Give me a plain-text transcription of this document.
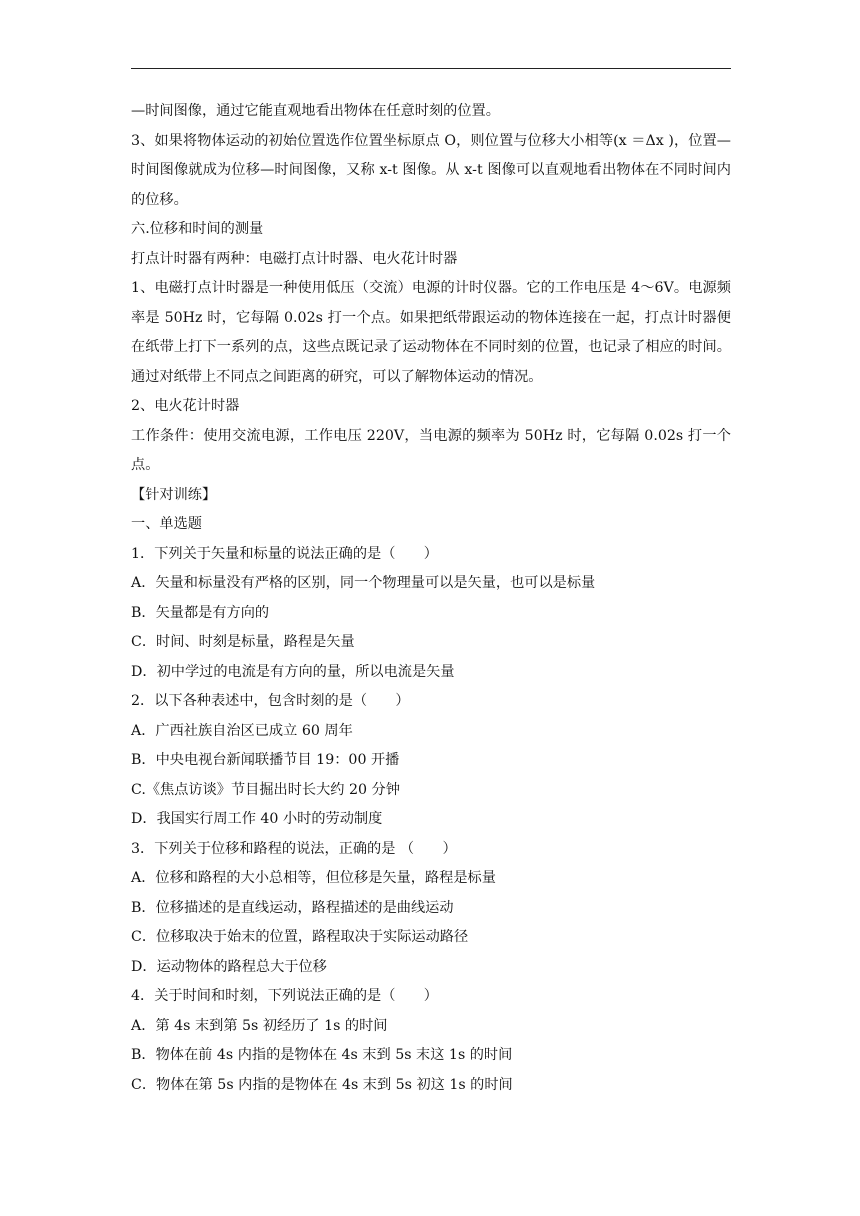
—时间图像，通过它能直观地看出物体在任意时刻的位置。

3、如果将物体运动的初始位置选作位置坐标原点 O，则位置与位移大小相等(x ＝Δx )，位置—时间图像就成为位移—时间图像，又称 x-t 图像。从 x-t 图像可以直观地看出物体在不同时间内的位移。

六.位移和时间的测量

打点计时器有两种：电磁打点计时器、电火花计时器

1、电磁打点计时器是一种使用低压（交流）电源的计时仪器。它的工作电压是 4～6V。电源频率是 50Hz 时，它每隔 0.02s 打一个点。如果把纸带跟运动的物体连接在一起，打点计时器便在纸带上打下一系列的点，这些点既记录了运动物体在不同时刻的位置，也记录了相应的时间。通过对纸带上不同点之间距离的研究，可以了解物体运动的情况。

2、电火花计时器

工作条件：使用交流电源，工作电压 220V，当电源的频率为 50Hz 时，它每隔 0.02s 打一个点。

【针对训练】

一、单选题

1．下列关于矢量和标量的说法正确的是（　　）

A．矢量和标量没有严格的区别，同一个物理量可以是矢量，也可以是标量

B．矢量都是有方向的

C．时间、时刻是标量，路程是矢量

D．初中学过的电流是有方向的量，所以电流是矢量

2．以下各种表述中，包含时刻的是（　　）

A．广西社族自治区已成立 60 周年

B．中央电视台新闻联播节目 19：00 开播

C.《焦点访谈》节目掘出时长大约 20 分钟

D．我国实行周工作 40 小时的劳动制度

3．下列关于位移和路程的说法，正确的是 （　　）

A．位移和路程的大小总相等，但位移是矢量，路程是标量

B．位移描述的是直线运动，路程描述的是曲线运动

C．位移取决于始末的位置，路程取决于实际运动路径

D．运动物体的路程总大于位移

4．关于时间和时刻，下列说法正确的是（　　）

A．第 4s 末到第 5s 初经历了 1s 的时间

B．物体在前 4s 内指的是物体在 4s 末到 5s 末这 1s 的时间

C．物体在第 5s 内指的是物体在 4s 末到 5s 初这 1s 的时间
